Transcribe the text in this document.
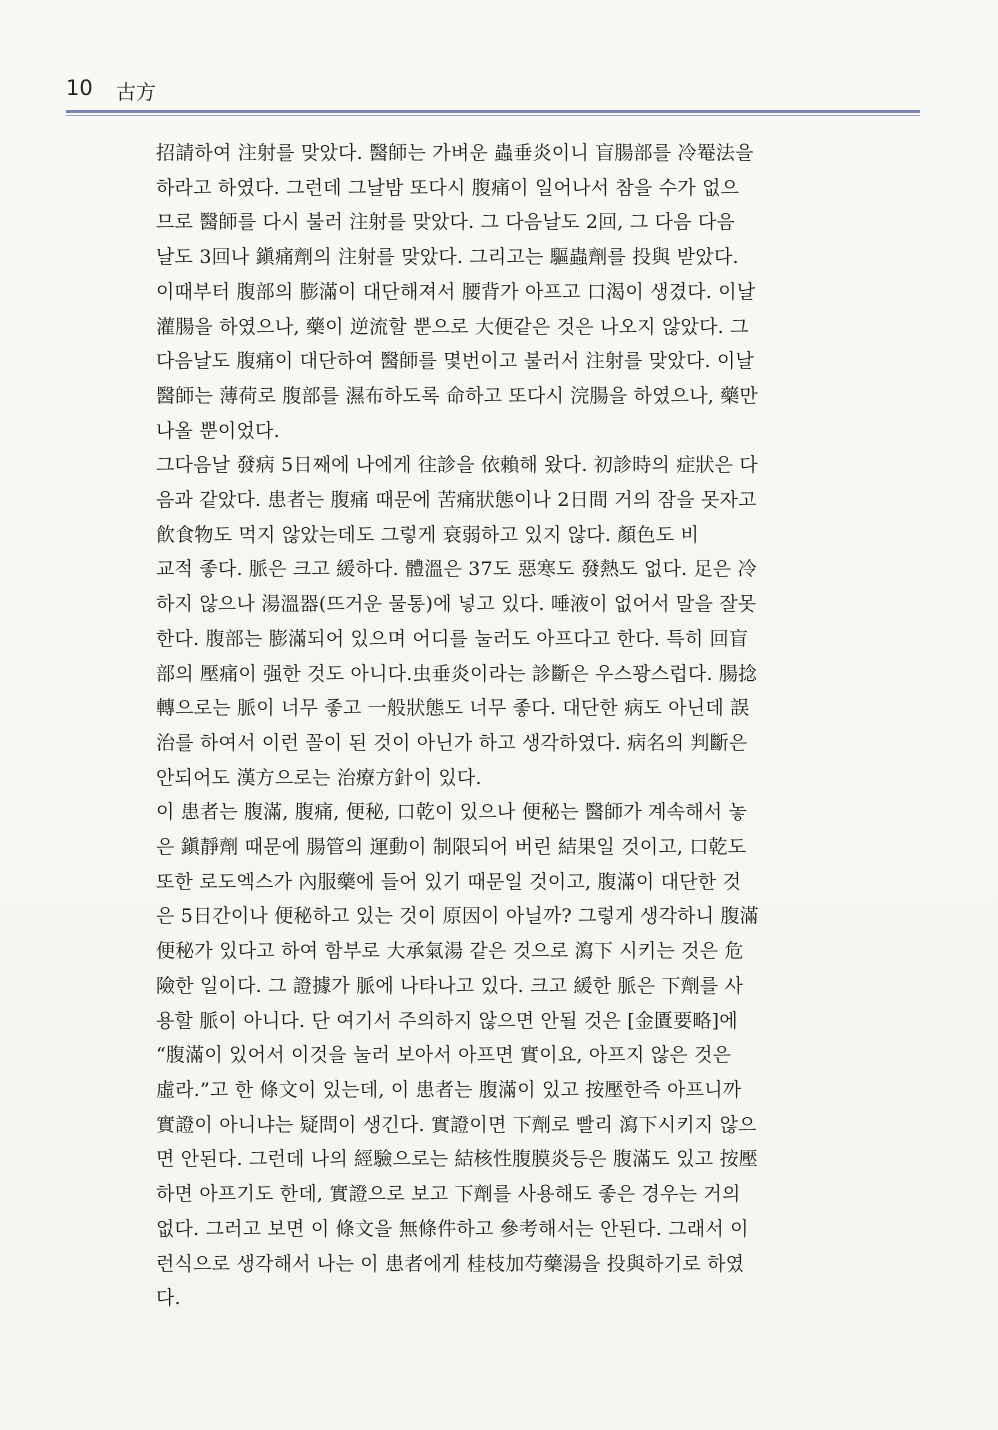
10 古方
招請하여 注射를 맞았다. 醫師는 가벼운 蟲垂炎이니 盲腸部를 冷罨法을
하라고 하였다. 그런데 그날밤 또다시 腹痛이 일어나서 참을 수가 없으
므로 醫師를 다시 불러 注射를 맞았다. 그 다음날도 2回, 그 다음 다음
날도 3回나 鎭痛劑의 注射를 맞았다. 그리고는 驅蟲劑를 投與 받았다.
이때부터 腹部의 膨滿이 대단해져서 腰背가 아프고 口渴이 생겼다. 이날
灌腸을 하였으나, 藥이 逆流할 뿐으로 大便같은 것은 나오지 않았다. 그
다음날도 腹痛이 대단하여 醫師를 몇번이고 불러서 注射를 맞았다. 이날
醫師는 薄荷로 腹部를 濕布하도록 命하고 또다시 浣腸을 하였으나, 藥만
나올 뿐이었다.
그다음날 發病 5日째에 나에게 往診을 依賴해 왔다. 初診時의 症狀은 다
음과 같았다. 患者는 腹痛 때문에 苦痛狀態이나 2日間 거의 잠을 못자고
飮食物도 먹지 않았는데도 그렇게 衰弱하고 있지 않다. 顏色도 비
교적 좋다. 脈은 크고 緩하다. 體溫은 37도 惡寒도 發熱도 없다. 足은 冷
하지 않으나 湯溫器(뜨거운 물통)에 넣고 있다. 唾液이 없어서 말을 잘못
한다. 腹部는 膨滿되어 있으며 어디를 눌러도 아프다고 한다. 특히 回盲
部의 壓痛이 强한 것도 아니다.虫垂炎이라는 診斷은 우스꽝스럽다. 腸捻
轉으로는 脈이 너무 좋고 一般狀態도 너무 좋다. 대단한 病도 아닌데 誤
治를 하여서 이런 꼴이 된 것이 아닌가 하고 생각하였다. 病名의 判斷은
안되어도 漢方으로는 治療方針이 있다.
이 患者는 腹滿, 腹痛, 便秘, 口乾이 있으나 便秘는 醫師가 계속해서 놓
은 鎭靜劑 때문에 腸管의 運動이 制限되어 버린 結果일 것이고, 口乾도
또한 로도엑스가 內服藥에 들어 있기 때문일 것이고, 腹滿이 대단한 것
은 5日간이나 便秘하고 있는 것이 原因이 아닐까? 그렇게 생각하니 腹滿
便秘가 있다고 하여 함부로 大承氣湯 같은 것으로 瀉下 시키는 것은 危
險한 일이다. 그 證據가 脈에 나타나고 있다. 크고 緩한 脈은 下劑를 사
용할 脈이 아니다. 단 여기서 주의하지 않으면 안될 것은 [金匱要略]에
“腹滿이 있어서 이것을 눌러 보아서 아프면 實이요, 아프지 않은 것은
虛라.”고 한 條文이 있는데, 이 患者는 腹滿이 있고 按壓한즉 아프니까
實證이 아니냐는 疑問이 생긴다. 實證이면 下劑로 빨리 瀉下시키지 않으
면 안된다. 그런데 나의 經驗으로는 結核性腹膜炎등은 腹滿도 있고 按壓
하면 아프기도 한데, 實證으로 보고 下劑를 사용해도 좋은 경우는 거의
없다. 그러고 보면 이 條文을 無條件하고 參考해서는 안된다. 그래서 이
런식으로 생각해서 나는 이 患者에게 桂枝加芍藥湯을 投與하기로 하였
다.
